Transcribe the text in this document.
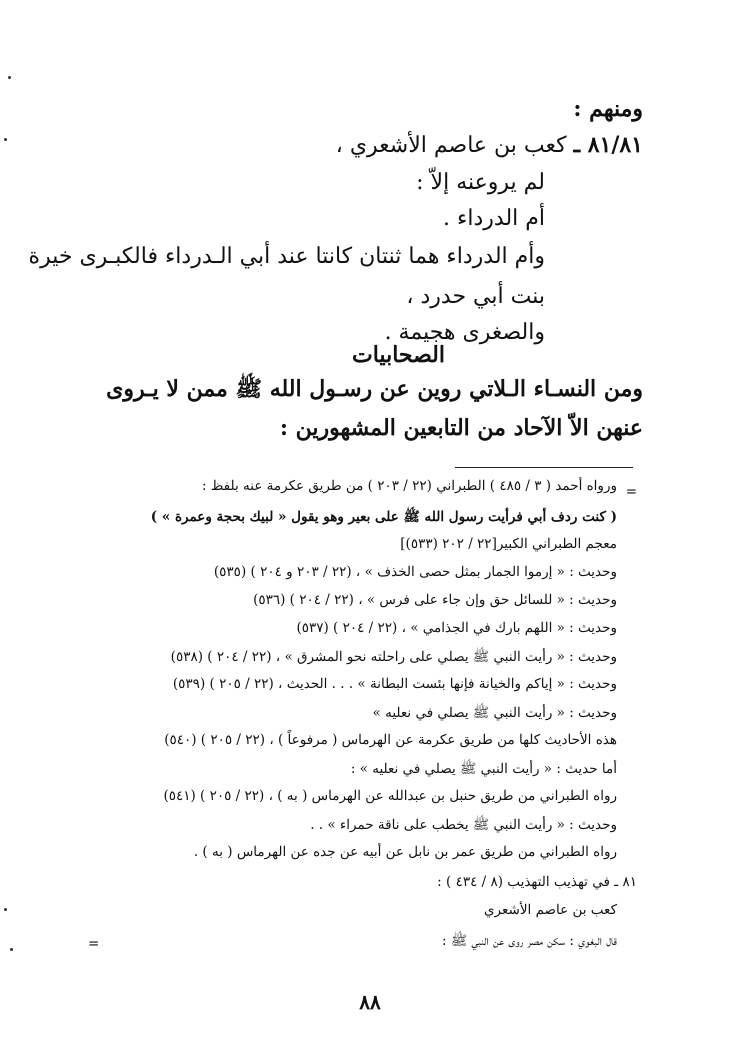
ومنهم :
٨١/٨١ ـ كعب بن عاصم الأشعري ،
لم يروعنه إلاّ :
أم الدرداء .
وأم الدرداء هما ثنتان كانتا عند أبي الـدرداء فالكبـرى خيرة
بنت أبي حدرد ،
والصغرى هجيمة .
الصحابيات
ومن النسـاء الـلاتي روين عن رسـول الله ﷺ ممن لا يـروى
عنهن الاّ الآحاد من التابعين المشهورين :
=
ورواه أحمد ( ٣ / ٤٨٥ ) الطبراني (٢٢ / ٢٠٣ ) من طريق عكرمة عنه بلفظ :
( كنت ردف أبي فرأيت رسول الله ﷺ على بعير وهو يقول « لبيك بحجة وعمرة » )
معجم الطبراني الكبير[٢٢ / ٢٠٢ (٥٣٣)]
وحديث : « إرموا الجمار بمثل حصى الخذف » ، (٢٢ / ٢٠٣ و ٢٠٤ ) (٥٣٥)
وحديث : « للسائل حق وإن جاء على فرس » ، (٢٢ / ٢٠٤ ) (٥٣٦)
وحديث : « اللهم بارك في الجذامي » ، (٢٢ / ٢٠٤ ) (٥٣٧)
وحديث : « رأيت النبي ﷺ يصلي على راحلته نحو المشرق » ، (٢٢ / ٢٠٤ ) (٥٣٨)
وحديث : « إياكم والخيانة فإنها بئست البطانة » . . . الحديث ، (٢٢ / ٢٠٥ ) (٥٣٩)
وحديث : « رأيت النبي ﷺ يصلي في نعليه »
هذه الأحاديث كلها من طريق عكرمة عن الهرماس ( مرفوعاً ) ، (٢٢ / ٢٠٥ ) (٥٤٠)
أما حديث : « رأيت النبي ﷺ يصلي في نعليه » :
رواه الطبراني من طريق حنبل بن عبدالله عن الهرماس ( به ) ، (٢٢ / ٢٠٥ ) (٥٤١)
وحديث : « رأيت النبي ﷺ يخطب على ناقة حمراء » . .
رواه الطبراني من طريق عمر بن نابل عن أبيه عن جده عن الهرماس ( به ) .
٨١ ـ في تهذيب التهذيب (٨ / ٤٣٤ ) :
كعب بن عاصم الأشعري
قال البغوي : سكن مصر روى عن النبي ﷺ :
=
٨٨
